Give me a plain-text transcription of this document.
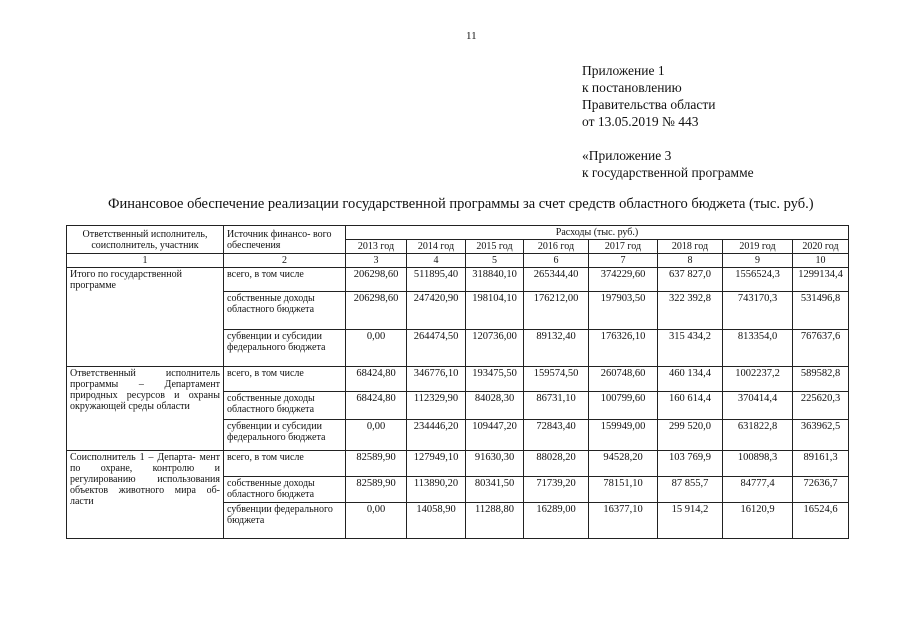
11
Приложение 1
к постановлению
Правительства области
от 13.05.2019 № 443
«Приложение 3
к государственной программе
Финансовое обеспечение реализации государственной программы за счет средств областного бюджета (тыс. руб.)
Ответственный исполнитель, соисполнитель, участник	Источник финансо- вого обеспечения	Расходы (тыс. руб.)							
		2013 год	2014 год	2015 год	2016 год	2017 год	2018 год	2019 год	2020 год
1	2	3	4	5	6	7	8	9	10
Итого по государственной программе	всего, в том числе	206298,60	511895,40	318840,10	265344,40	374229,60	637 827,0	1556524,3	1299134,4
	собственные доходы областного бюджета	206298,60	247420,90	198104,10	176212,00	197903,50	322 392,8	743170,3	531496,8
	субвенции и субсидии федерального бюджета	0,00	264474,50	120736,00	89132,40	176326,10	315 434,2	813354,0	767637,6
Ответственный исполнитель программы – Департамент природных ресурсов и охраны окружающей среды области	всего, в том числе	68424,80	346776,10	193475,50	159574,50	260748,60	460 134,4	1002237,2	589582,8
	собственные доходы областного бюджета	68424,80	112329,90	84028,30	86731,10	100799,60	160 614,4	370414,4	225620,3
	субвенции и субсидии федерального бюджета	0,00	234446,20	109447,20	72843,40	159949,00	299 520,0	631822,8	363962,5
Соисполнитель 1 – Департа- мент по охране, контролю и регулированию использования объектов животного мира об- ласти	всего, в том числе	82589,90	127949,10	91630,30	88028,20	94528,20	103 769,9	100898,3	89161,3
	собственные доходы областного бюджета	82589,90	113890,20	80341,50	71739,20	78151,10	87 855,7	84777,4	72636,7
	субвенции федерального бюджета	0,00	14058,90	11288,80	16289,00	16377,10	15 914,2	16120,9	16524,6
